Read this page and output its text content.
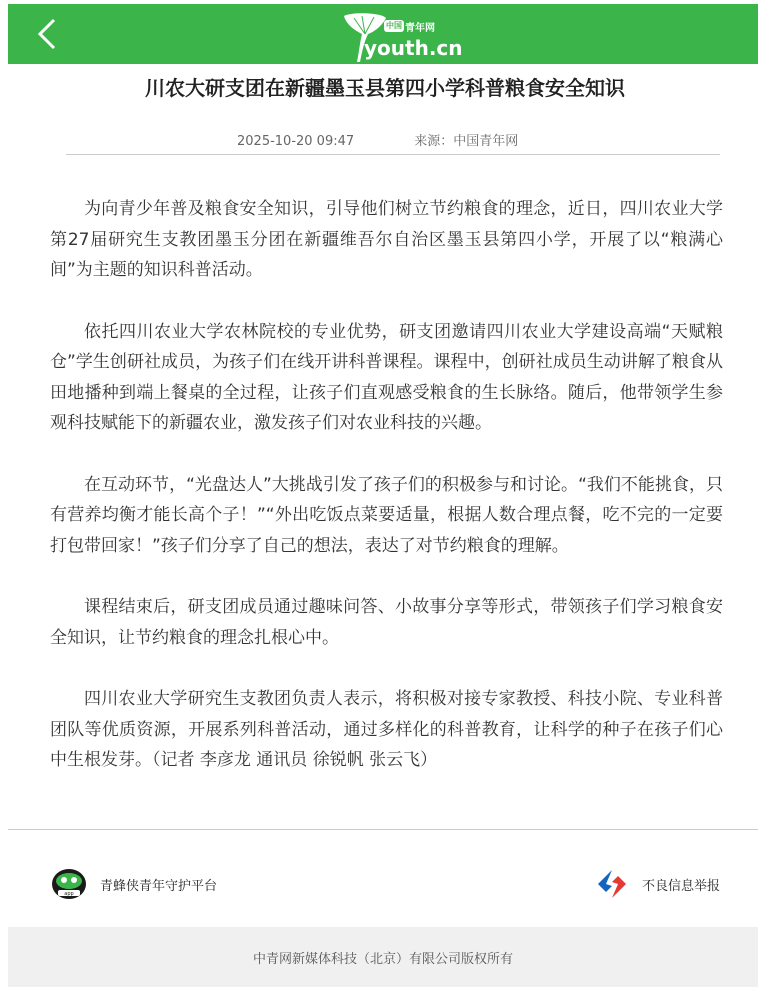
中国 青年网
youth.cn
川农大研支团在新疆墨玉县第四小学科普粮食安全知识
2025-10-20 09:47	来源：中国青年网

为向青少年普及粮食安全知识，引导他们树立节约粮食的理念，近日，四川农业大学第27届研究生支教团墨玉分团在新疆维吾尔自治区墨玉县第四小学，开展了以“粮满心间”为主题的知识科普活动。

依托四川农业大学农林院校的专业优势，研支团邀请四川农业大学建设高端“天赋粮仓”学生创研社成员，为孩子们在线开讲科普课程。课程中，创研社成员生动讲解了粮食从田地播种到端上餐桌的全过程，让孩子们直观感受粮食的生长脉络。随后，他带领学生参观科技赋能下的新疆农业，激发孩子们对农业科技的兴趣。

在互动环节，“光盘达人”大挑战引发了孩子们的积极参与和讨论。“我们不能挑食，只有营养均衡才能长高个子！”“外出吃饭点菜要适量，根据人数合理点餐，吃不完的一定要打包带回家！”孩子们分享了自己的想法，表达了对节约粮食的理解。

课程结束后，研支团成员通过趣味问答、小故事分享等形式，带领孩子们学习粮食安全知识，让节约粮食的理念扎根心中。

四川农业大学研究生支教团负责人表示，将积极对接专家教授、科技小院、专业科普团队等优质资源，开展系列科普活动，通过多样化的科普教育，让科学的种子在孩子们心中生根发芽。（记者 李彦龙 通讯员 徐锐帆 张云飞）

app
青蜂侠青年守护平台	不良信息举报
中青网新媒体科技（北京）有限公司版权所有
